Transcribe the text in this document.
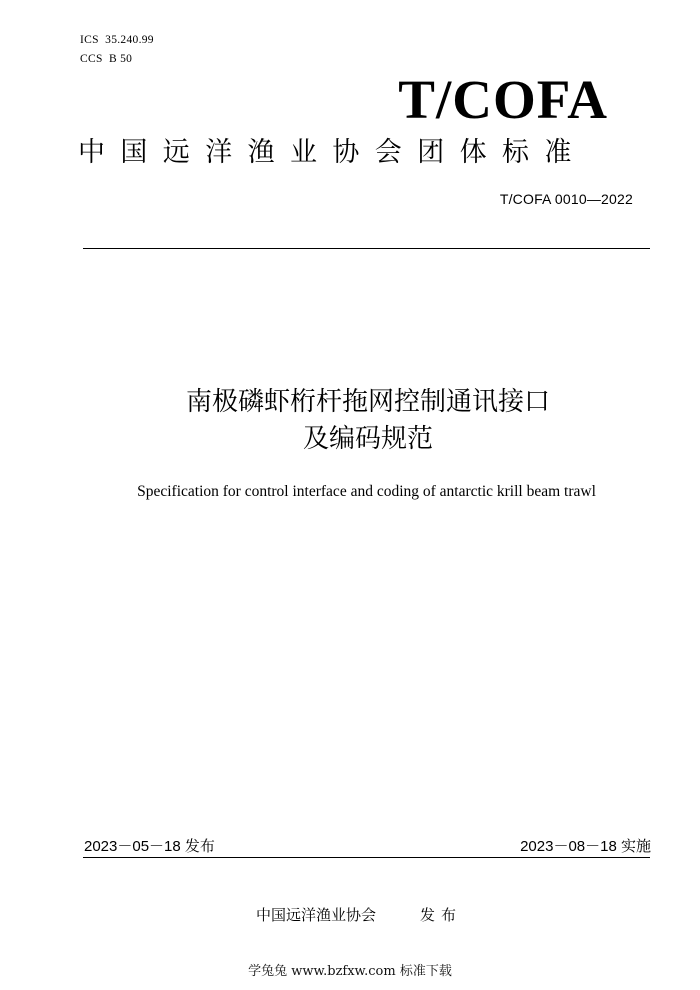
ICS  35.240.99
CCS  B 50
T/COFA
中国远洋渔业协会团体标准
T/COFA 0010—2022
南极磷虾桁杆拖网控制通讯接口
及编码规范
Specification for control interface and coding of antarctic krill beam trawl
2023－05－18 发布	2023－08－18 实施
中国远洋渔业协会	发布
学兔兔 www.bzfxw.com 标准下载
